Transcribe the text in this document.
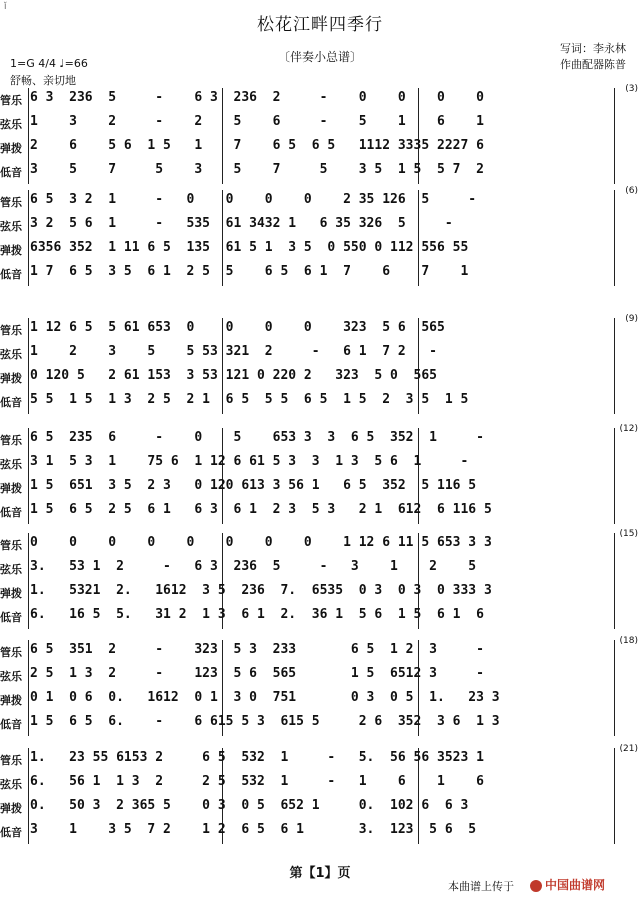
ǐ
松花江畔四季行
〔伴奏小总谱〕
写词：李永林
作曲配器陈普
1=G 4/4 ♩=66
舒畅、亲切地
(3)
管乐 6 3  236  5     -    6 3  236  2     -    0    0    0    0
弦乐 1    3    2     -    2    5    6     -    5    1    6    1
弹拨 2    6    5 6  1 5   1    7    6 5  6 5   1112 3335 2227 6
低音 3    5    7     5    3    5    7     5    3 5  1 5  5 7  2
(6)
管乐 6 5  3 2  1     -   0    0    0    0    2 35 126  5     -
弦乐 3 2  5 6  1     -   535  61 3432 1   6 35 326  5     -
弹拨 6356 352  1 11 6 5  135  61 5 1  3 5  0 550 0 112 556 55
低音 1 7  6 5  3 5  6 1  2 5  5    6 5  6 1  7    6    7    1
(9)
管乐 1 12 6 5  5 61 653  0    0    0    0    323  5 6  565
弦乐 1    2    3    5    5 53 321  2     -   6 1  7 2   -
弹拨 0 120 5   2 61 153  3 53 121 0 220 2   323  5 0  565
低音 5 5  1 5  1 3  2 5  2 1  6 5  5 5  6 5  1 5  2  3 5  1 5
(12)
管乐 6 5  235  6     -    0    5    653 3  3  6 5  352  1     -
弦乐 3 1  5 3  1    75 6  1 12 6 61 5 3  3  1 3  5 6  1     -
弹拨 1 5  651  3 5  2 3   0 120 613 3 56 1   6 5  352  5 116 5
低音 1 5  6 5  2 5  6 1   6 3  6 1  2 3  5 3   2 1  612  6 116 5
(15)
管乐 0    0    0    0    0    0    0    0    1 12 6 11 5 653 3 3
弦乐 3.   53 1  2     -   6 3  236  5     -   3    1    2    5
弹拨 1.   5321  2.   1612  3 5  236  7.  6535  0 3  0 3  0 333 3
低音 6.   16 5  5.   31 2  1 3  6 1  2.  36 1  5 6  1 5  6 1  6
(18)
管乐 6 5  351  2     -    323  5 3  233       6 5  1 2  3     -
弦乐 2 5  1 3  2     -    123  5 6  565       1 5  6512 3     -
弹拨 0 1  0 6  0.   1612  0 1  3 0  751       0 3  0 5  1.   23 3
低音 1 5  6 5  6.    -    6 615 5 3  615 5     2 6  352  3 6  1 3
(21)
管乐 1.   23 55 6153 2     6 5  532  1     -   5.  56 56 3523 1
弦乐 6.   56 1  1 3  2     2 5  532  1     -   1    6    1    6
弹拨 0.   50 3  2 365 5    0 3  0 5  652 1     0.  102 6  6 3
低音 3    1    3 5  7 2    1 2  6 5  6 1       3.  123  5 6  5
第【1】页
本曲谱上传于	中国曲谱网
